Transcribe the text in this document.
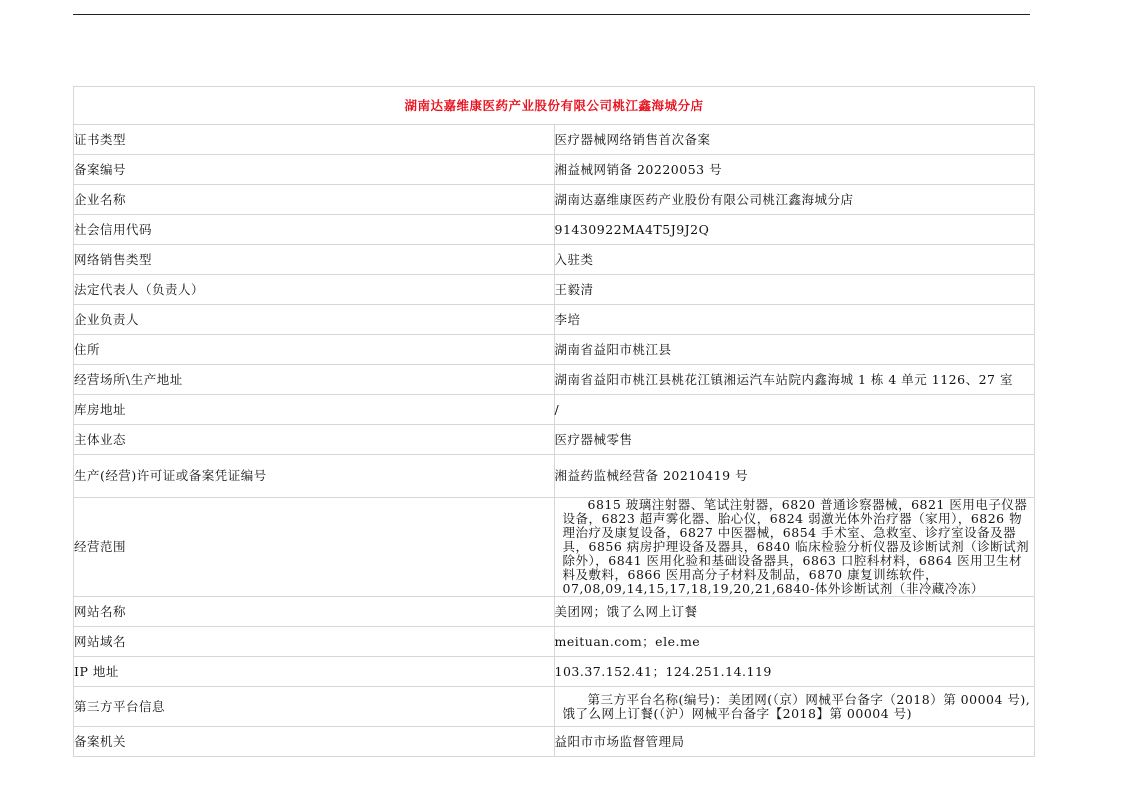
湖南达嘉维康医药产业股份有限公司桃江鑫海城分店	
证书类型	医疗器械网络销售首次备案
备案编号	湘益械网销备 20220053 号
企业名称	湖南达嘉维康医药产业股份有限公司桃江鑫海城分店
社会信用代码	91430922MA4T5J9J2Q
网络销售类型	入驻类
法定代表人（负责人）	王毅清
企业负责人	李培
住所	湖南省益阳市桃江县
经营场所\生产地址	湖南省益阳市桃江县桃花江镇湘运汽车站院内鑫海城 1 栋 4 单元 1126、27 室
库房地址	/
主体业态	医疗器械零售
生产(经营)许可证或备案凭证编号	湘益药监械经营备 20210419 号
经营范围	6815 玻璃注射器、笔试注射器，6820 普通诊察器械，6821 医用电子仪器设备，6823 超声雾化器、胎心仪，6824 弱激光体外治疗器（家用），6826 物理治疗及康复设备，6827 中医器械，6854 手术室、急救室、诊疗室设备及器具，6856 病房护理设备及器具，6840 临床检验分析仪器及诊断试剂（诊断试剂除外），6841 医用化验和基础设备器具，6863 口腔科材料，6864 医用卫生材料及敷料，6866 医用高分子材料及制品，6870 康复训练软件，07,08,09,14,15,17,18,19,20,21,6840-体外诊断试剂（非冷藏冷冻）
网站名称	美团网；饿了么网上订餐
网站域名	meituan.com；ele.me
IP 地址	103.37.152.41；124.251.14.119
第三方平台信息	第三方平台名称(编号)：美团网(（京）网械平台备字（2018）第 00004 号),饿了么网上订餐(（沪）网械平台备字【2018】第 00004 号)
备案机关	益阳市市场监督管理局
